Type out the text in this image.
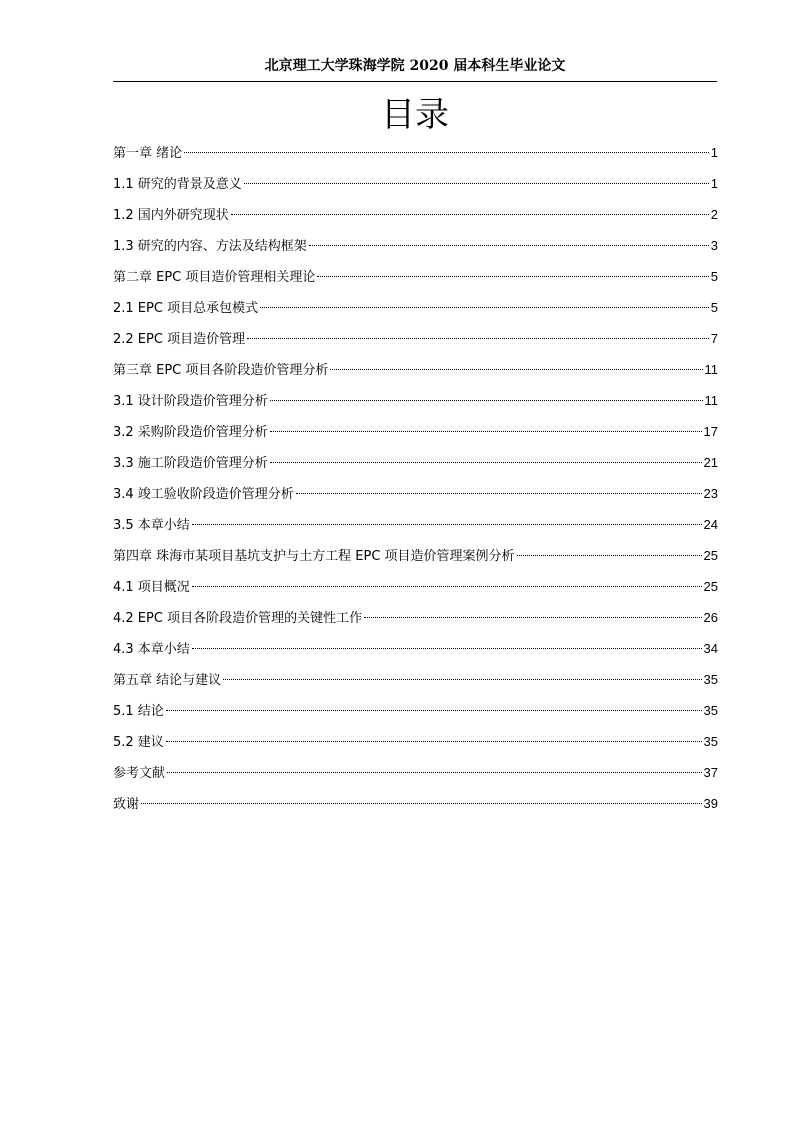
北京理工大学珠海学院 2020 届本科生毕业论文
目录
第一章 绪论	1
1.1 研究的背景及意义	1
1.2 国内外研究现状	2
1.3 研究的内容、方法及结构框架	3
第二章 EPC 项目造价管理相关理论	5
2.1 EPC 项目总承包模式	5
2.2 EPC 项目造价管理	7
第三章 EPC 项目各阶段造价管理分析	11
3.1 设计阶段造价管理分析	11
3.2 采购阶段造价管理分析	17
3.3 施工阶段造价管理分析	21
3.4 竣工验收阶段造价管理分析	23
3.5 本章小结	24
第四章 珠海市某项目基坑支护与土方工程 EPC 项目造价管理案例分析	25
4.1 项目概况	25
4.2 EPC 项目各阶段造价管理的关键性工作	26
4.3 本章小结	34
第五章 结论与建议	35
5.1 结论	35
5.2 建议	35
参考文献	37
致谢	39
